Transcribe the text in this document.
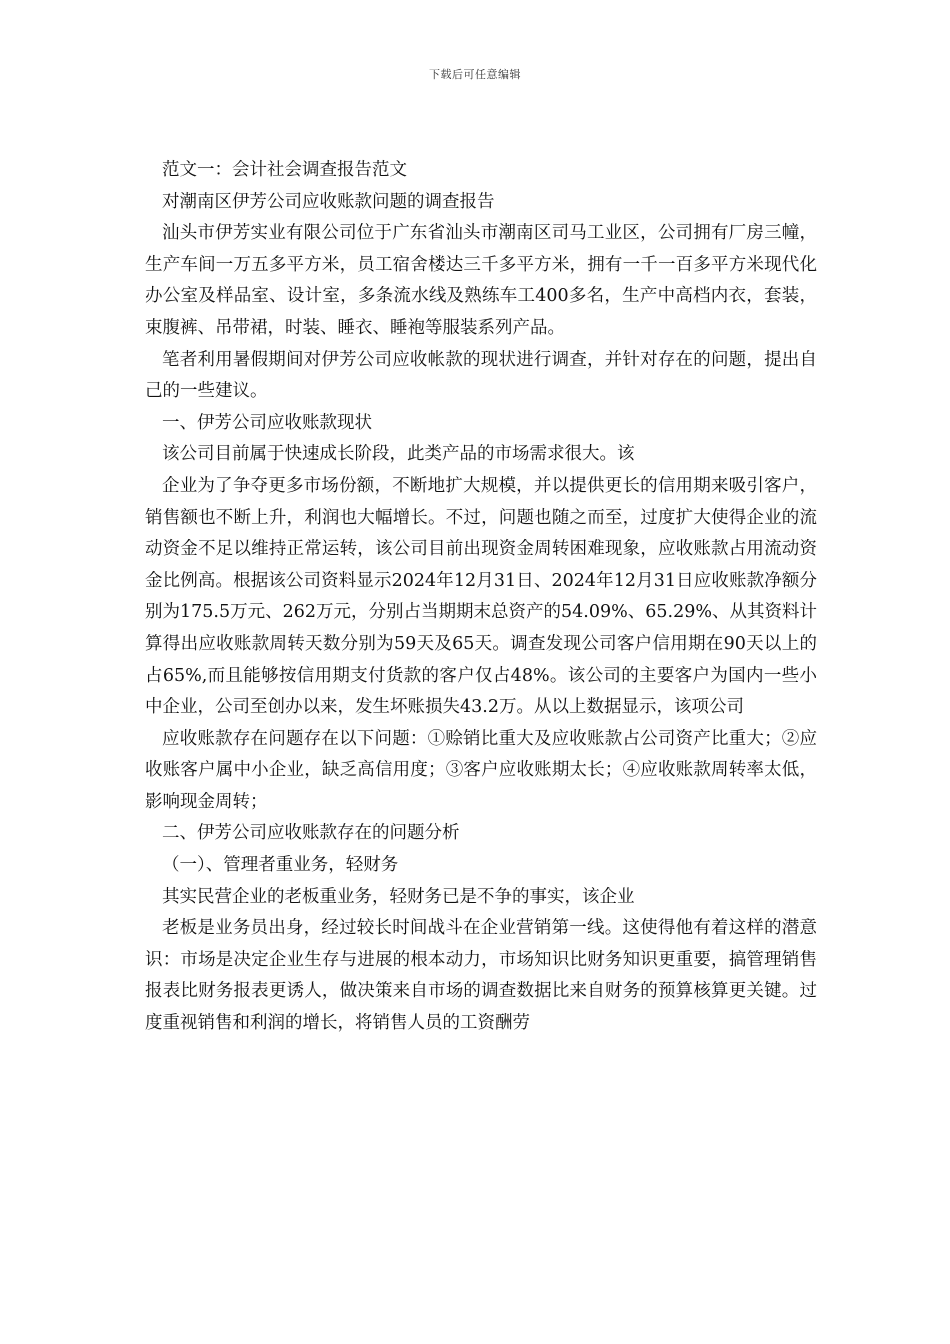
下载后可任意编辑

范文一：会计社会调查报告范文

对潮南区伊芳公司应收账款问题的调查报告

汕头市伊芳实业有限公司位于广东省汕头市潮南区司马工业区，公司拥有厂房三幢，生产车间一万五多平方米，员工宿舍楼达三千多平方米，拥有一千一百多平方米现代化办公室及样品室、设计室，多条流水线及熟练车工400多名，生产中高档内衣，套装，束腹裤、吊带裙，时装、睡衣、睡袍等服装系列产品。

笔者利用暑假期间对伊芳公司应收帐款的现状进行调查，并针对存在的问题，提出自己的一些建议。

一、伊芳公司应收账款现状

该公司目前属于快速成长阶段，此类产品的市场需求很大。该

企业为了争夺更多市场份额，不断地扩大规模，并以提供更长的信用期来吸引客户，销售额也不断上升，利润也大幅增长。不过，问题也随之而至，过度扩大使得企业的流动资金不足以维持正常运转，该公司目前出现资金周转困难现象，应收账款占用流动资金比例高。根据该公司资料显示2024年12月31日、2024年12月31日应收账款净额分别为175.5万元、262万元，分别占当期期末总资产的54.09%、65.29%、从其资料计算得出应收账款周转天数分别为59天及65天。调查发现公司客户信用期在90天以上的占65%,而且能够按信用期支付货款的客户仅占48%。该公司的主要客户为国内一些小中企业，公司至创办以来，发生坏账损失43.2万。从以上数据显示，该项公司

应收账款存在问题存在以下问题：①赊销比重大及应收账款占公司资产比重大；②应收账客户属中小企业，缺乏高信用度；③客户应收账期太长；④应收账款周转率太低，影响现金周转；

二、伊芳公司应收账款存在的问题分析

（一）、管理者重业务，轻财务

其实民营企业的老板重业务，轻财务已是不争的事实，该企业

老板是业务员出身，经过较长时间战斗在企业营销第一线。这使得他有着这样的潜意识：市场是决定企业生存与进展的根本动力，市场知识比财务知识更重要，搞管理销售报表比财务报表更诱人，做决策来自市场的调查数据比来自财务的预算核算更关键。过度重视销售和利润的增长，将销售人员的工资酬劳
